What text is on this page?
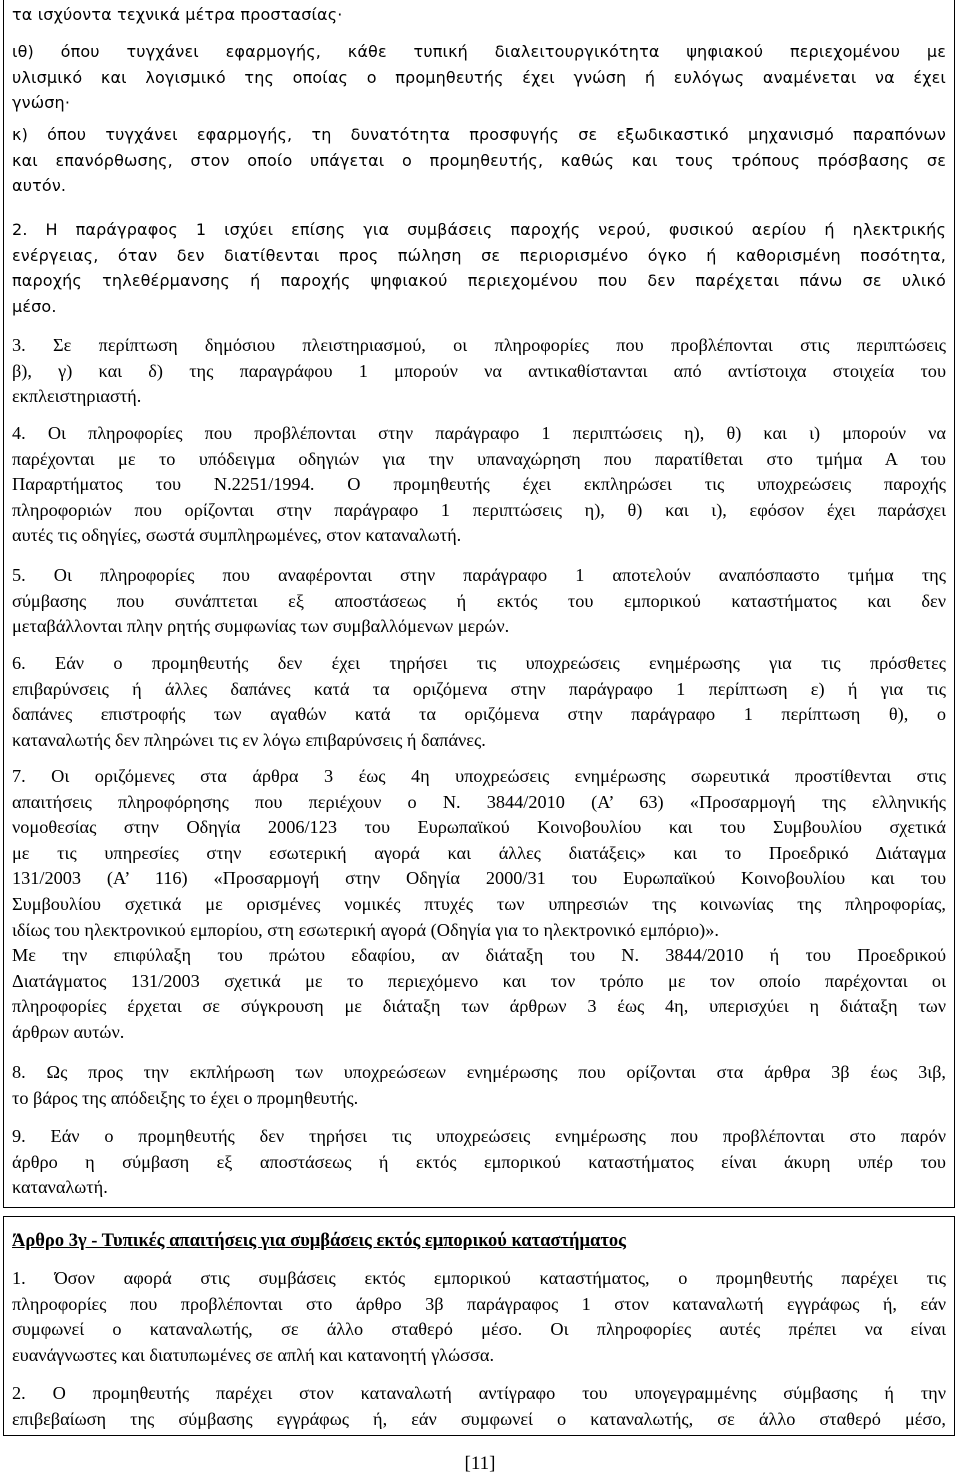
τα ισχύοντα τεχνικά μέτρα προστασίας·
ιθ) όπου τυγχάνει εφαρμογής, κάθε τυπική διαλειτουργικότητα ψηφιακού περιεχομένου με
υλισμικό και λογισμικό της οποίας ο προμηθευτής έχει γνώση ή ευλόγως αναμένεται να έχει
γνώση·
κ) όπου τυγχάνει εφαρμογής, τη δυνατότητα προσφυγής σε εξωδικαστικό μηχανισμό παραπόνων
και επανόρθωσης, στον οποίο υπάγεται ο προμηθευτής, καθώς και τους τρόπους πρόσβασης σε
αυτόν.
2. Η παράγραφος 1 ισχύει επίσης για συμβάσεις παροχής νερού, φυσικού αερίου ή ηλεκτρικής
ενέργειας, όταν δεν διατίθενται προς πώληση σε περιορισμένο όγκο ή καθορισμένη ποσότητα,
παροχής τηλεθέρμανσης ή παροχής ψηφιακού περιεχομένου που δεν παρέχεται πάνω σε υλικό
μέσο.
3. Σε περίπτωση δημόσιου πλειστηριασμού, οι πληροφορίες που προβλέπονται στις περιπτώσεις
β), γ) και δ) της παραγράφου 1 μπορούν να αντικαθίστανται από αντίστοιχα στοιχεία του
εκπλειστηριαστή.
4. Οι πληροφορίες που προβλέπονται στην παράγραφο 1 περιπτώσεις η), θ) και ι) μπορούν να
παρέχονται με το υπόδειγμα οδηγιών για την υπαναχώρηση που παρατίθεται στο τμήμα Α του
Παραρτήματος του Ν.2251/1994. Ο προμηθευτής έχει εκπληρώσει τις υποχρεώσεις παροχής
πληροφοριών που ορίζονται στην παράγραφο 1 περιπτώσεις η), θ) και ι), εφόσον έχει παράσχει
αυτές τις οδηγίες, σωστά συμπληρωμένες, στον καταναλωτή.
5. Οι πληροφορίες που αναφέρονται στην παράγραφο 1 αποτελούν αναπόσπαστο τμήμα της
σύμβασης που συνάπτεται εξ αποστάσεως ή εκτός του εμπορικού καταστήματος και δεν
μεταβάλλονται πλην ρητής συμφωνίας των συμβαλλόμενων μερών.
6. Εάν ο προμηθευτής δεν έχει τηρήσει τις υποχρεώσεις ενημέρωσης για τις πρόσθετες
επιβαρύνσεις ή άλλες δαπάνες κατά τα οριζόμενα στην παράγραφο 1 περίπτωση ε) ή για τις
δαπάνες επιστροφής των αγαθών κατά τα οριζόμενα στην παράγραφο 1 περίπτωση θ), ο
καταναλωτής δεν πληρώνει τις εν λόγω επιβαρύνσεις ή δαπάνες.
7. Οι οριζόμενες στα άρθρα 3 έως 4η υποχρεώσεις ενημέρωσης σωρευτικά προστίθενται στις
απαιτήσεις πληροφόρησης που περιέχουν ο Ν. 3844/2010 (Α’ 63) «Προσαρμογή της ελληνικής
νομοθεσίας στην Οδηγία 2006/123 του Ευρωπαϊκού Κοινοβουλίου και του Συμβουλίου σχετικά
με τις υπηρεσίες στην εσωτερική αγορά και άλλες διατάξεις» και το Προεδρικό Διάταγμα
131/2003 (Α’ 116) «Προσαρμογή στην Οδηγία 2000/31 του Ευρωπαϊκού Κοινοβουλίου και του
Συμβουλίου σχετικά με ορισμένες νομικές πτυχές των υπηρεσιών της κοινωνίας της πληροφορίας,
ιδίως του ηλεκτρονικού εμπορίου, στη εσωτερική αγορά (Οδηγία για το ηλεκτρονικό εμπόριο)».
Με την επιφύλαξη του πρώτου εδαφίου, αν διάταξη του Ν. 3844/2010 ή του Προεδρικού
Διατάγματος 131/2003 σχετικά με το περιεχόμενο και τον τρόπο με τον οποίο παρέχονται οι
πληροφορίες έρχεται σε σύγκρουση με διάταξη των άρθρων 3 έως 4η, υπερισχύει η διάταξη των
άρθρων αυτών.
8. Ως προς την εκπλήρωση των υποχρεώσεων ενημέρωσης που ορίζονται στα άρθρα 3β έως 3ιβ,
το βάρος της απόδειξης το έχει ο προμηθευτής.
9. Εάν ο προμηθευτής δεν τηρήσει τις υποχρεώσεις ενημέρωσης που προβλέπονται στο παρόν
άρθρο η σύμβαση εξ αποστάσεως ή εκτός εμπορικού καταστήματος είναι άκυρη υπέρ του
καταναλωτή.
Άρθρο 3γ - Τυπικές απαιτήσεις για συμβάσεις εκτός εμπορικού καταστήματος
1. Όσον αφορά στις συμβάσεις εκτός εμπορικού καταστήματος, ο προμηθευτής παρέχει τις
πληροφορίες που προβλέπονται στο άρθρο 3β παράγραφος 1 στον καταναλωτή εγγράφως ή, εάν
συμφωνεί ο καταναλωτής, σε άλλο σταθερό μέσο. Οι πληροφορίες αυτές πρέπει να είναι
ευανάγνωστες και διατυπωμένες σε απλή και κατανοητή γλώσσα.
2. Ο προμηθευτής παρέχει στον καταναλωτή αντίγραφο του υπογεγραμμένης σύμβασης ή την
επιβεβαίωση της σύμβασης εγγράφως ή, εάν συμφωνεί ο καταναλωτής, σε άλλο σταθερό μέσο,
[11]
